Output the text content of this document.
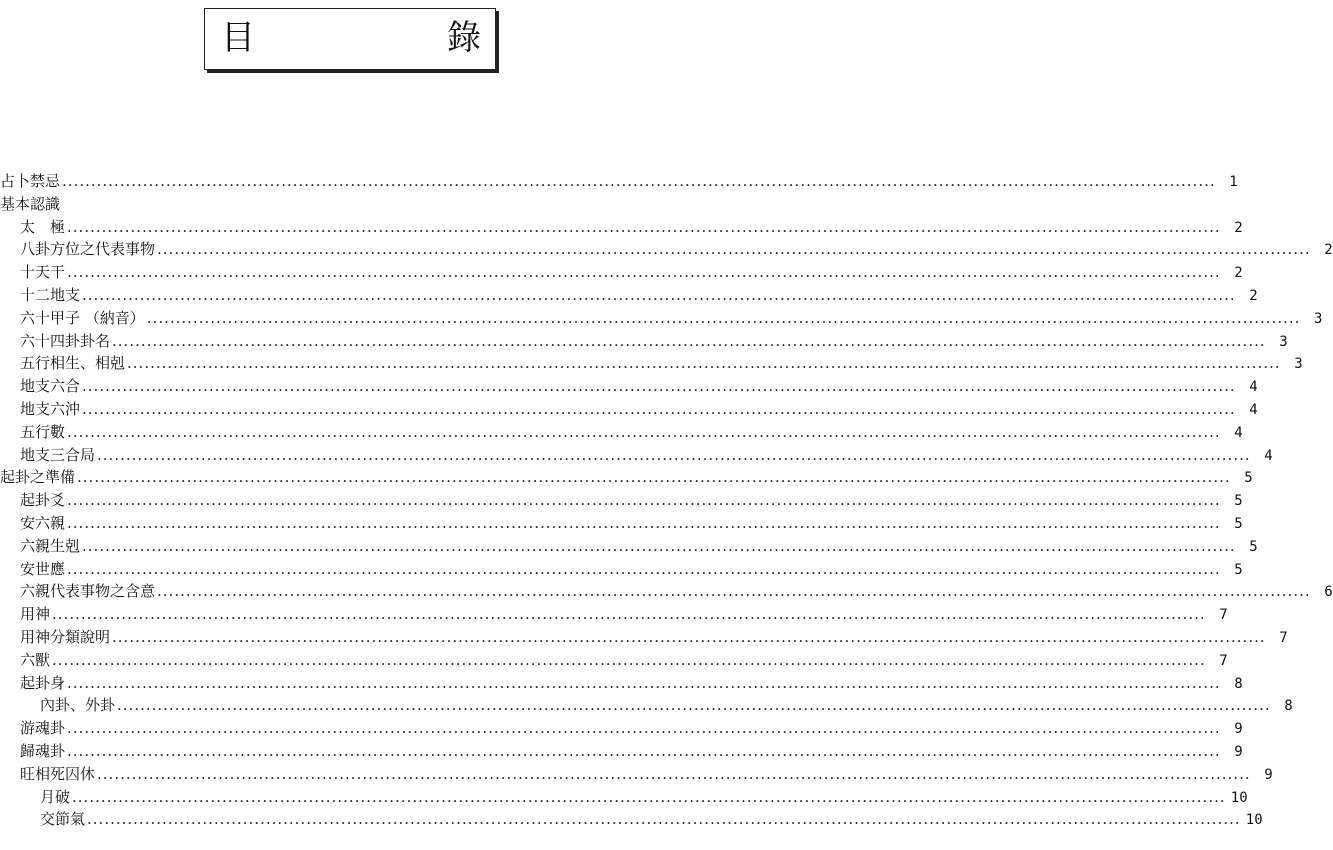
目	錄
占卜禁忌 ........................................................................................................................................................................................................ 1
基本認識
太　極 ........................................................................................................................................................................................................ 2
八卦方位之代表事物 ........................................................................................................................................................................................................ 2
十天干 ........................................................................................................................................................................................................ 2
十二地支 ........................................................................................................................................................................................................ 2
六十甲子 （納音） ........................................................................................................................................................................................................ 3
六十四卦卦名 ........................................................................................................................................................................................................ 3
五行相生、相剋 ........................................................................................................................................................................................................ 3
地支六合 ........................................................................................................................................................................................................ 4
地支六沖 ........................................................................................................................................................................................................ 4
五行數 ........................................................................................................................................................................................................ 4
地支三合局 ........................................................................................................................................................................................................ 4
起卦之準備 ........................................................................................................................................................................................................ 5
起卦爻 ........................................................................................................................................................................................................ 5
安六親 ........................................................................................................................................................................................................ 5
六親生剋 ........................................................................................................................................................................................................ 5
安世應 ........................................................................................................................................................................................................ 5
六親代表事物之含意 ........................................................................................................................................................................................................ 6
用神 ........................................................................................................................................................................................................ 7
用神分類說明 ........................................................................................................................................................................................................ 7
六獸 ........................................................................................................................................................................................................ 7
起卦身 ........................................................................................................................................................................................................ 8
內卦、外卦 ........................................................................................................................................................................................................ 8
游魂卦 ........................................................................................................................................................................................................ 9
歸魂卦 ........................................................................................................................................................................................................ 9
旺相死囚休 ........................................................................................................................................................................................................ 9
月破 ........................................................................................................................................................................................................ 10
交節氣 ........................................................................................................................................................................................................ 10
